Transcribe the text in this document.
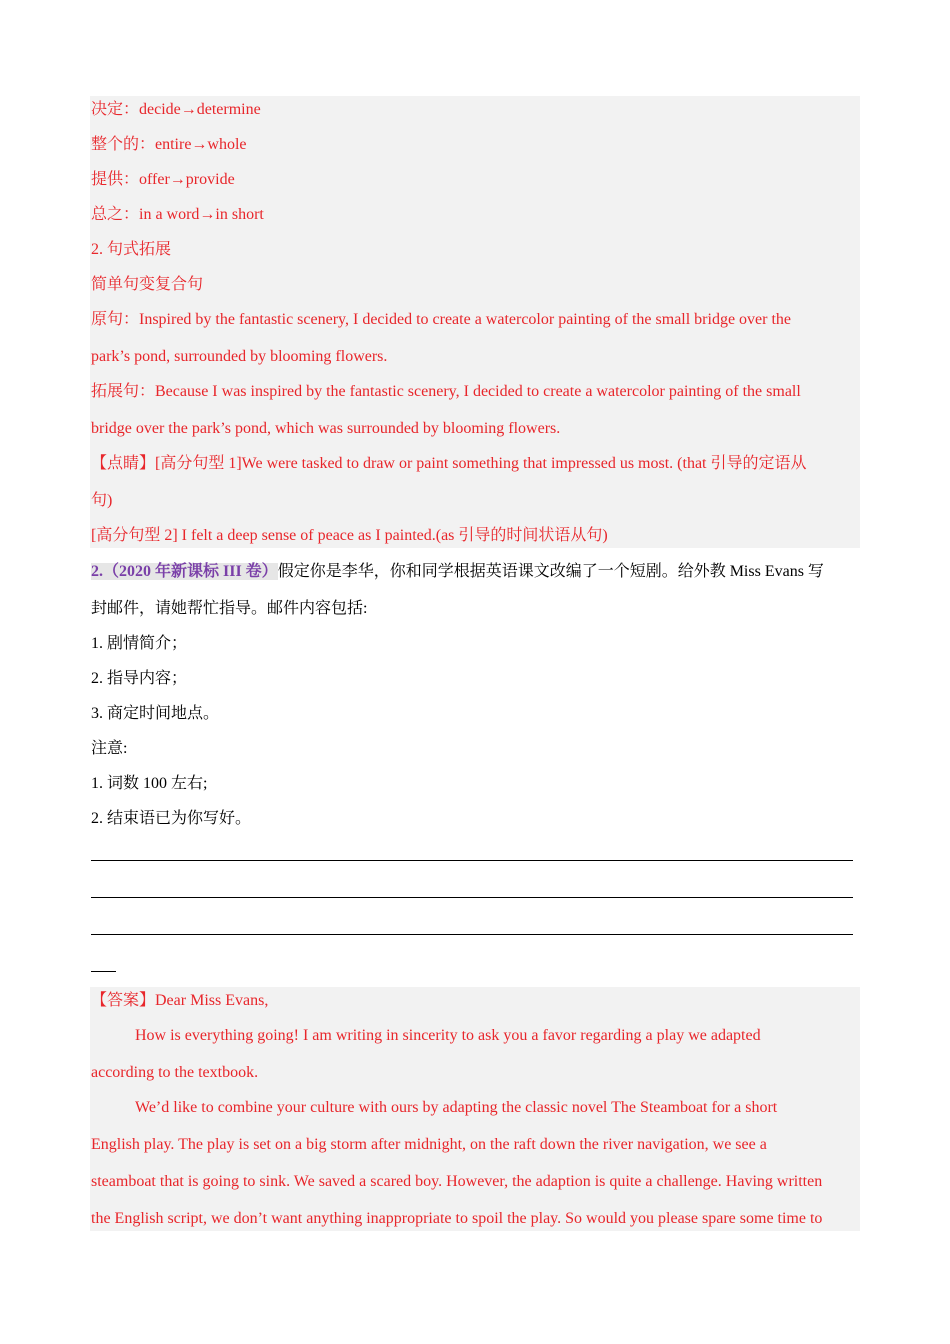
决定：decide→determine
整个的：entire→whole
提供：offer→provide
总之：in a word→in short
2. 句式拓展
简单句变复合句
原句：Inspired by the fantastic scenery, I decided to create a watercolor painting of the small bridge over the
park’s pond, surrounded by blooming flowers.
拓展句：Because I was inspired by the fantastic scenery, I decided to create a watercolor painting of the small
bridge over the park’s pond, which was surrounded by blooming flowers.
【点睛】[高分句型 1]We were tasked to draw or paint something that impressed us most. (that 引导的定语从
句)
[高分句型 2] I felt a deep sense of peace as I painted.(as 引导的时间状语从句)
2.（2020 年新课标 III 卷）假定你是李华，你和同学根据英语课文改编了一个短剧。给外教 Miss Evans 写
封邮件，请她帮忙指导。邮件内容包括:
1. 剧情简介；
2. 指导内容；
3. 商定时间地点。
注意:
1. 词数 100 左右;
2. 结束语已为你写好。
【答案】Dear Miss Evans,
How is everything going! I am writing in sincerity to ask you a favor regarding a play we adapted
according to the textbook.
We’d like to combine your culture with ours by adapting the classic novel The Steamboat for a short
English play. The play is set on a big storm after midnight, on the raft down the river navigation, we see a
steamboat that is going to sink. We saved a scared boy. However, the adaption is quite a challenge. Having written
the English script, we don’t want anything inappropriate to spoil the play. So would you please spare some time to
